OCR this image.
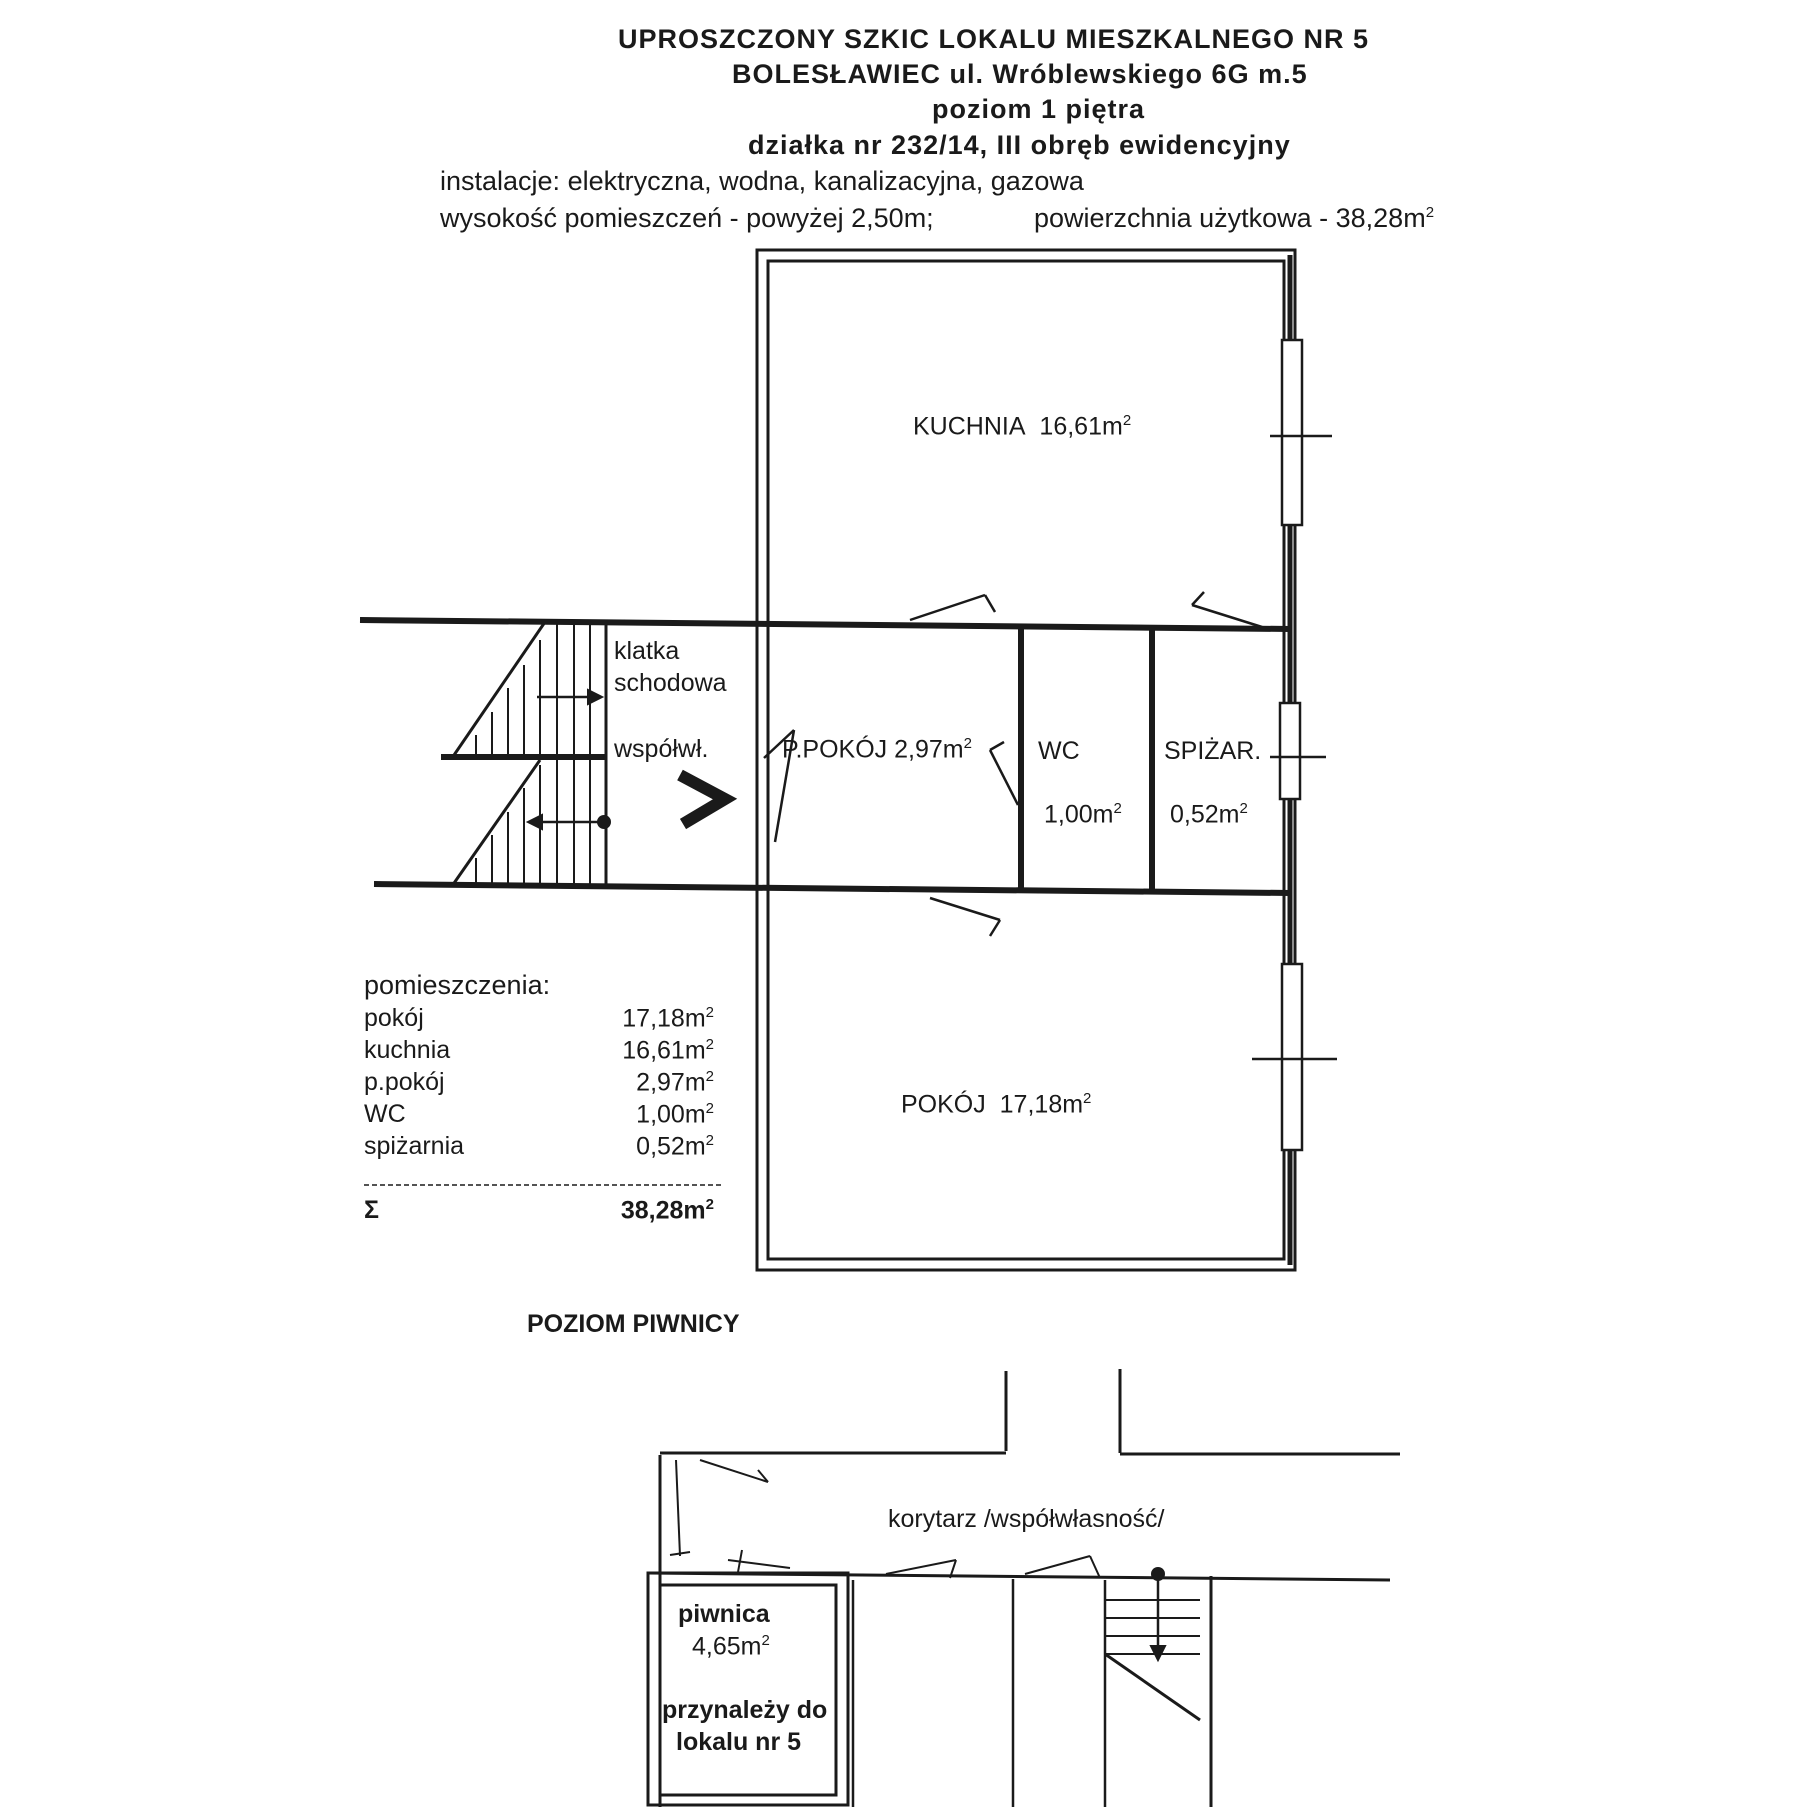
UPROSZCZONY SZKIC LOKALU MIESZKALNEGO NR 5
BOLESŁAWIEC ul. Wróblewskiego 6G m.5
poziom 1 piętra
działka nr 232/14, III obręb ewidencyjny
instalacje: elektryczna, wodna, kanalizacyjna, gazowa
wysokość pomieszczeń - powyżej 2,50m;	powierzchnia użytkowa - $38,28m^2$
KUCHNIA $16,61m^2$
P.POKÓJ $2,97m^2$	WC
$1,00m^2$
SPIŻAR.
$0,52m^2$
POKÓJ $17,18m^2$
klatka
schodowa
współwł.
pomieszczenia:
pokój	$17,18m^2$
kuchnia	$16,61m^2$
p.pokój	$2,97m^2$
WC	$1,00m^2$
spiżarnia	$0,52m^2$
Σ	$38,28m^2$
POZIOM PIWNICY
korytarz /współwłasność/
piwnica
$4,65m^2$
przynależy do
lokalu nr 5
